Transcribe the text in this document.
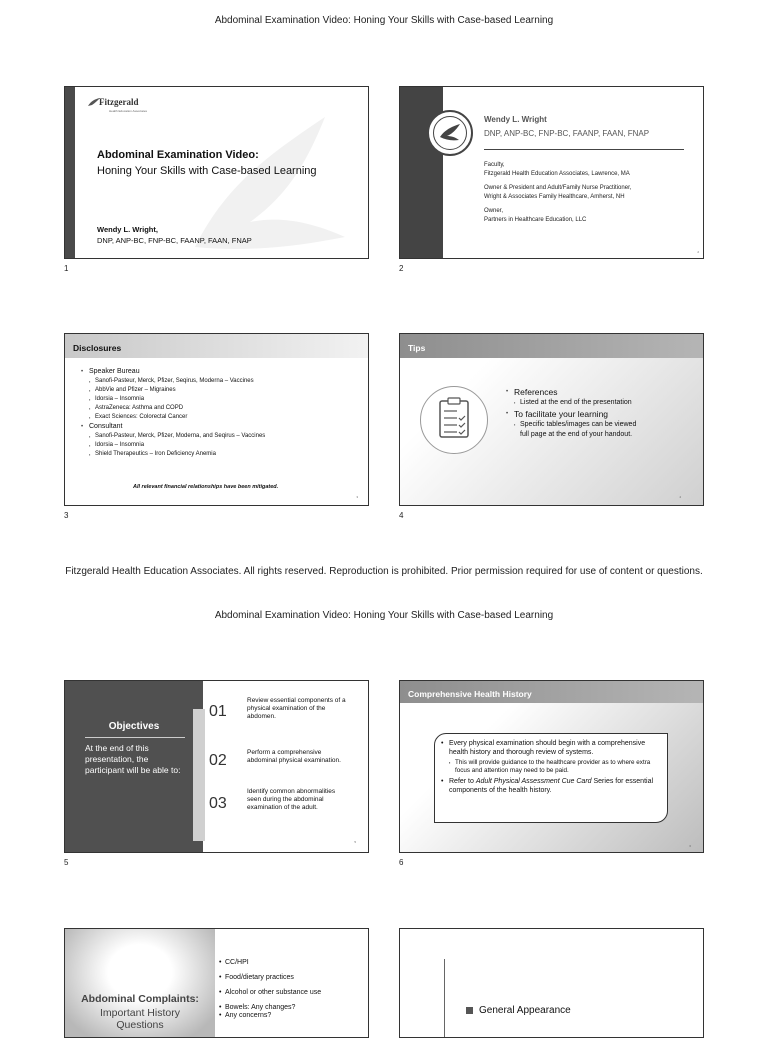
Abdominal Examination Video: Honing Your Skills with Case-based Learning
Fitzgerald
Health Education Associates
Abdominal Examination Video:
Honing Your Skills with Case-based Learning
Wendy L. Wright,
DNP, ANP-BC, FNP-BC, FAANP, FAAN, FNAP
1
Wendy L. Wright
DNP, ANP-BC, FNP-BC, FAANP, FAAN, FNAP
Faculty,
Fitzgerald Health Education Associates, Lawrence, MA
Owner & President and Adult/Family Nurse Practitioner,
Wright & Associates Family Healthcare, Amherst, NH
Owner,
Partners in Healthcare Education, LLC
2
2
Disclosures
• Speaker Bureau
▪ Sanofi-Pasteur, Merck, Pfizer, Seqirus, Moderna – Vaccines
▪ AbbVie and Pfizer – Migraines
▪ Idorsia – Insomnia
▪ AstraZeneca: Asthma and COPD
▪ Exact Sciences: Colorectal Cancer
• Consultant
▪ Sanofi-Pasteur, Merck, Pfizer, Moderna, and Seqirus – Vaccines
▪ Idorsia – Insomnia
▪ Shield Therapeutics – Iron Deficiency Anemia
All relevant financial relationships have been mitigated.
3
3
Tips
• References
▪ Listed at the end of the presentation
• To facilitate your learning
▪ Specific tables/images can be viewed
full page at the end of your handout.
4
4
Fitzgerald Health Education Associates. All rights reserved. Reproduction is prohibited. Prior permission required for use of content or questions.
Abdominal Examination Video: Honing Your Skills with Case-based Learning
Objectives
At the end of this presentation, the participant will be able to:
01
Review essential components of a physical examination of the abdomen.
02	Perform a comprehensive abdominal physical examination.
03
Identify common abnormalities seen during the abdominal examination of the adult.
5
5
Comprehensive Health History
• Every physical examination should begin with a comprehensive health history and thorough review of systems.
▪ This will provide guidance to the healthcare provider as to where extra focus and attention may need to be paid.
• Refer to Adult Physical Assessment Cue Card Series for essential components of the health history.
6
6
Abdominal Complaints:
Important History
Questions
• CC/HPI
• Food/dietary practices
• Alcohol or other substance use
• Bowels: Any changes?
• Any concerns?	General Appearance
